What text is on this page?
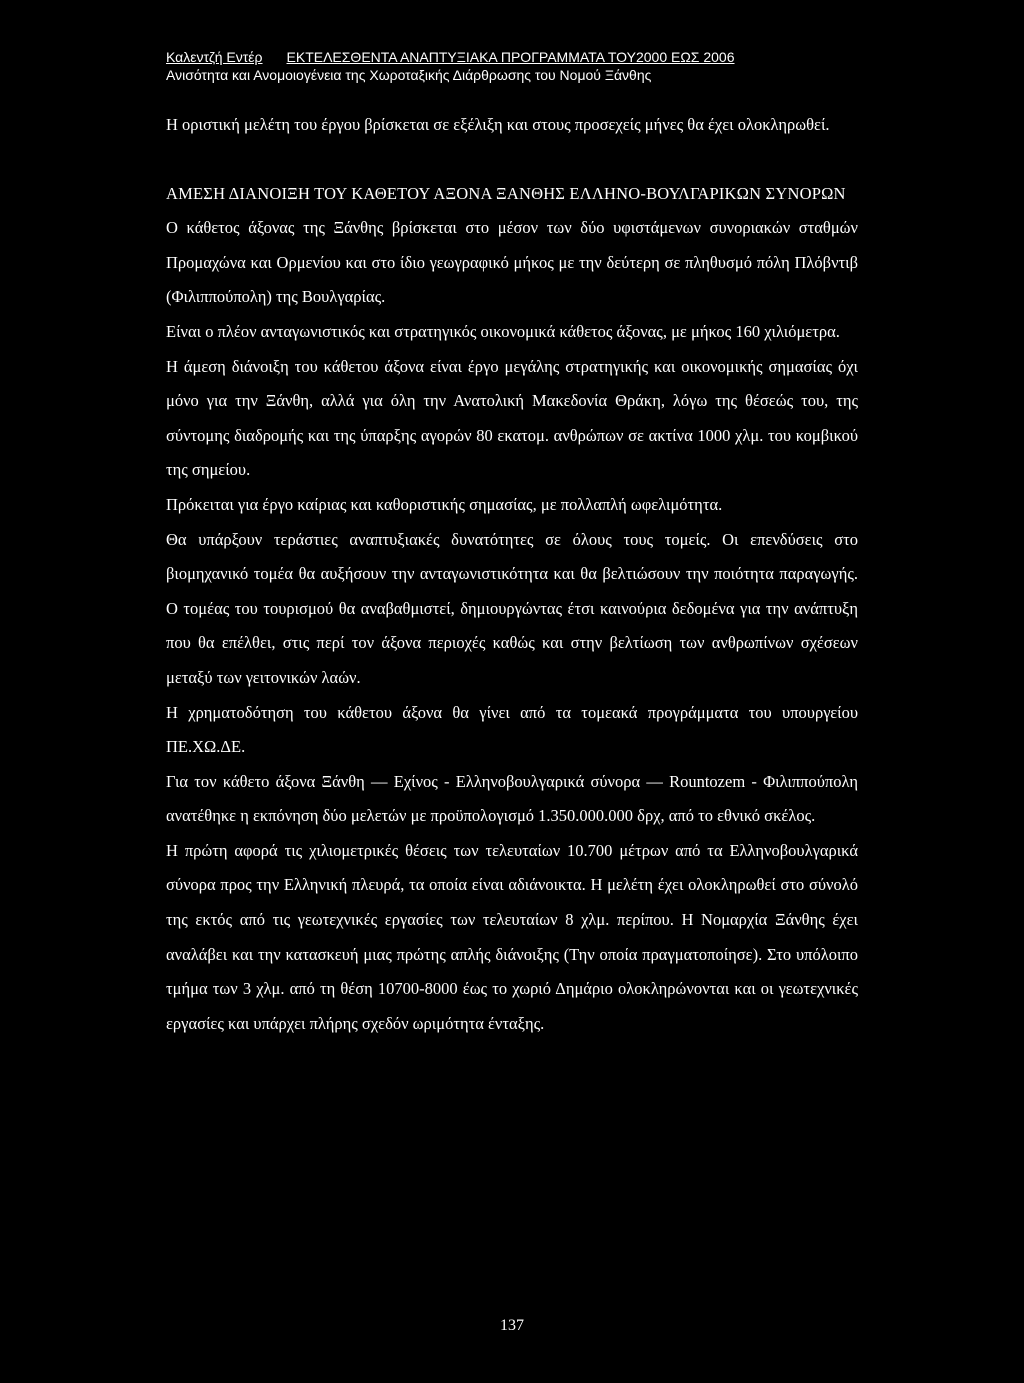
Καλεντζή Εντέρ ΕΚΤΕΛΕΣΘΕΝΤΑ ΑΝΑΠΤΥΞΙΑΚΑ ΠΡΟΓΡΑΜΜΑΤΑ ΤΟΥ2000 ΕΩΣ 2006
Ανισότητα και Ανομοιογένεια της Χωροταξικής Διάρθρωσης του Νομού Ξάνθης

Η οριστική μελέτη του έργου βρίσκεται σε εξέλιξη και στους προσεχείς μήνες θα έχει ολοκληρωθεί.

ΑΜΕΣΗ ΔΙΑΝΟΙΞΗ ΤΟΥ ΚΑΘΕΤΟΥ ΑΞΟΝΑ ΞΑΝΘΗΣ ΕΛΛΗΝΟ-ΒΟΥΛΓΑΡΙΚΩΝ ΣΥΝΟΡΩΝ

Ο κάθετος άξονας της Ξάνθης βρίσκεται στο μέσον των δύο υφιστάμενων συνοριακών σταθμών Προμαχώνα και Ορμενίου και στο ίδιο γεωγραφικό μήκος με την δεύτερη σε πληθυσμό πόλη Πλόβντιβ (Φιλιππούπολη) της Βουλγαρίας.

Είναι ο πλέον ανταγωνιστικός και στρατηγικός οικονομικά κάθετος άξονας, με μήκος 160 χιλιόμετρα.

Η άμεση διάνοιξη του κάθετου άξονα είναι έργο μεγάλης στρατηγικής και οικονομικής σημασίας όχι μόνο για την Ξάνθη, αλλά για όλη την Ανατολική Μακεδονία Θράκη, λόγω της θέσεώς του, της σύντομης διαδρομής και της ύπαρξης αγορών 80 εκατομ. ανθρώπων σε ακτίνα 1000 χλμ. του κομβικού της σημείου.

Πρόκειται για έργο καίριας και καθοριστικής σημασίας, με πολλαπλή ωφελιμότητα.

Θα υπάρξουν τεράστιες αναπτυξιακές δυνατότητες σε όλους τους τομείς. Οι επενδύσεις στο βιομηχανικό τομέα θα αυξήσουν την ανταγωνιστικότητα και θα βελτιώσουν την ποιότητα παραγωγής. Ο τομέας του τουρισμού θα αναβαθμιστεί, δημιουργώντας έτσι καινούρια δεδομένα για την ανάπτυξη που θα επέλθει, στις περί τον άξονα περιοχές καθώς και στην βελτίωση των ανθρωπίνων σχέσεων μεταξύ των γειτονικών λαών.

Η χρηματοδότηση του κάθετου άξονα θα γίνει από τα τομεακά προγράμματα του υπουργείου ΠΕ.ΧΩ.ΔΕ.

Για τον κάθετο άξονα Ξάνθη — Εχίνος - Ελληνοβουλγαρικά σύνορα — Rountozem - Φιλιππούπολη ανατέθηκε η εκπόνηση δύο μελετών με προϋπολογισμό 1.350.000.000 δρχ, από το εθνικό σκέλος.

Η πρώτη αφορά τις χιλιομετρικές θέσεις των τελευταίων 10.700 μέτρων από τα Ελληνοβουλγαρικά σύνορα προς την Ελληνική πλευρά, τα οποία είναι αδιάνοικτα. Η μελέτη έχει ολοκληρωθεί στο σύνολό της εκτός από τις γεωτεχνικές εργασίες των τελευταίων 8 χλμ. περίπου. Η Νομαρχία Ξάνθης έχει αναλάβει και την κατασκευή μιας πρώτης απλής διάνοιξης (Την οποία πραγματοποίησε). Στο υπόλοιπο τμήμα των 3 χλμ. από τη θέση 10700-8000 έως το χωριό Δημάριο ολοκληρώνονται και οι γεωτεχνικές εργασίες και υπάρχει πλήρης σχεδόν ωριμότητα ένταξης.

137
